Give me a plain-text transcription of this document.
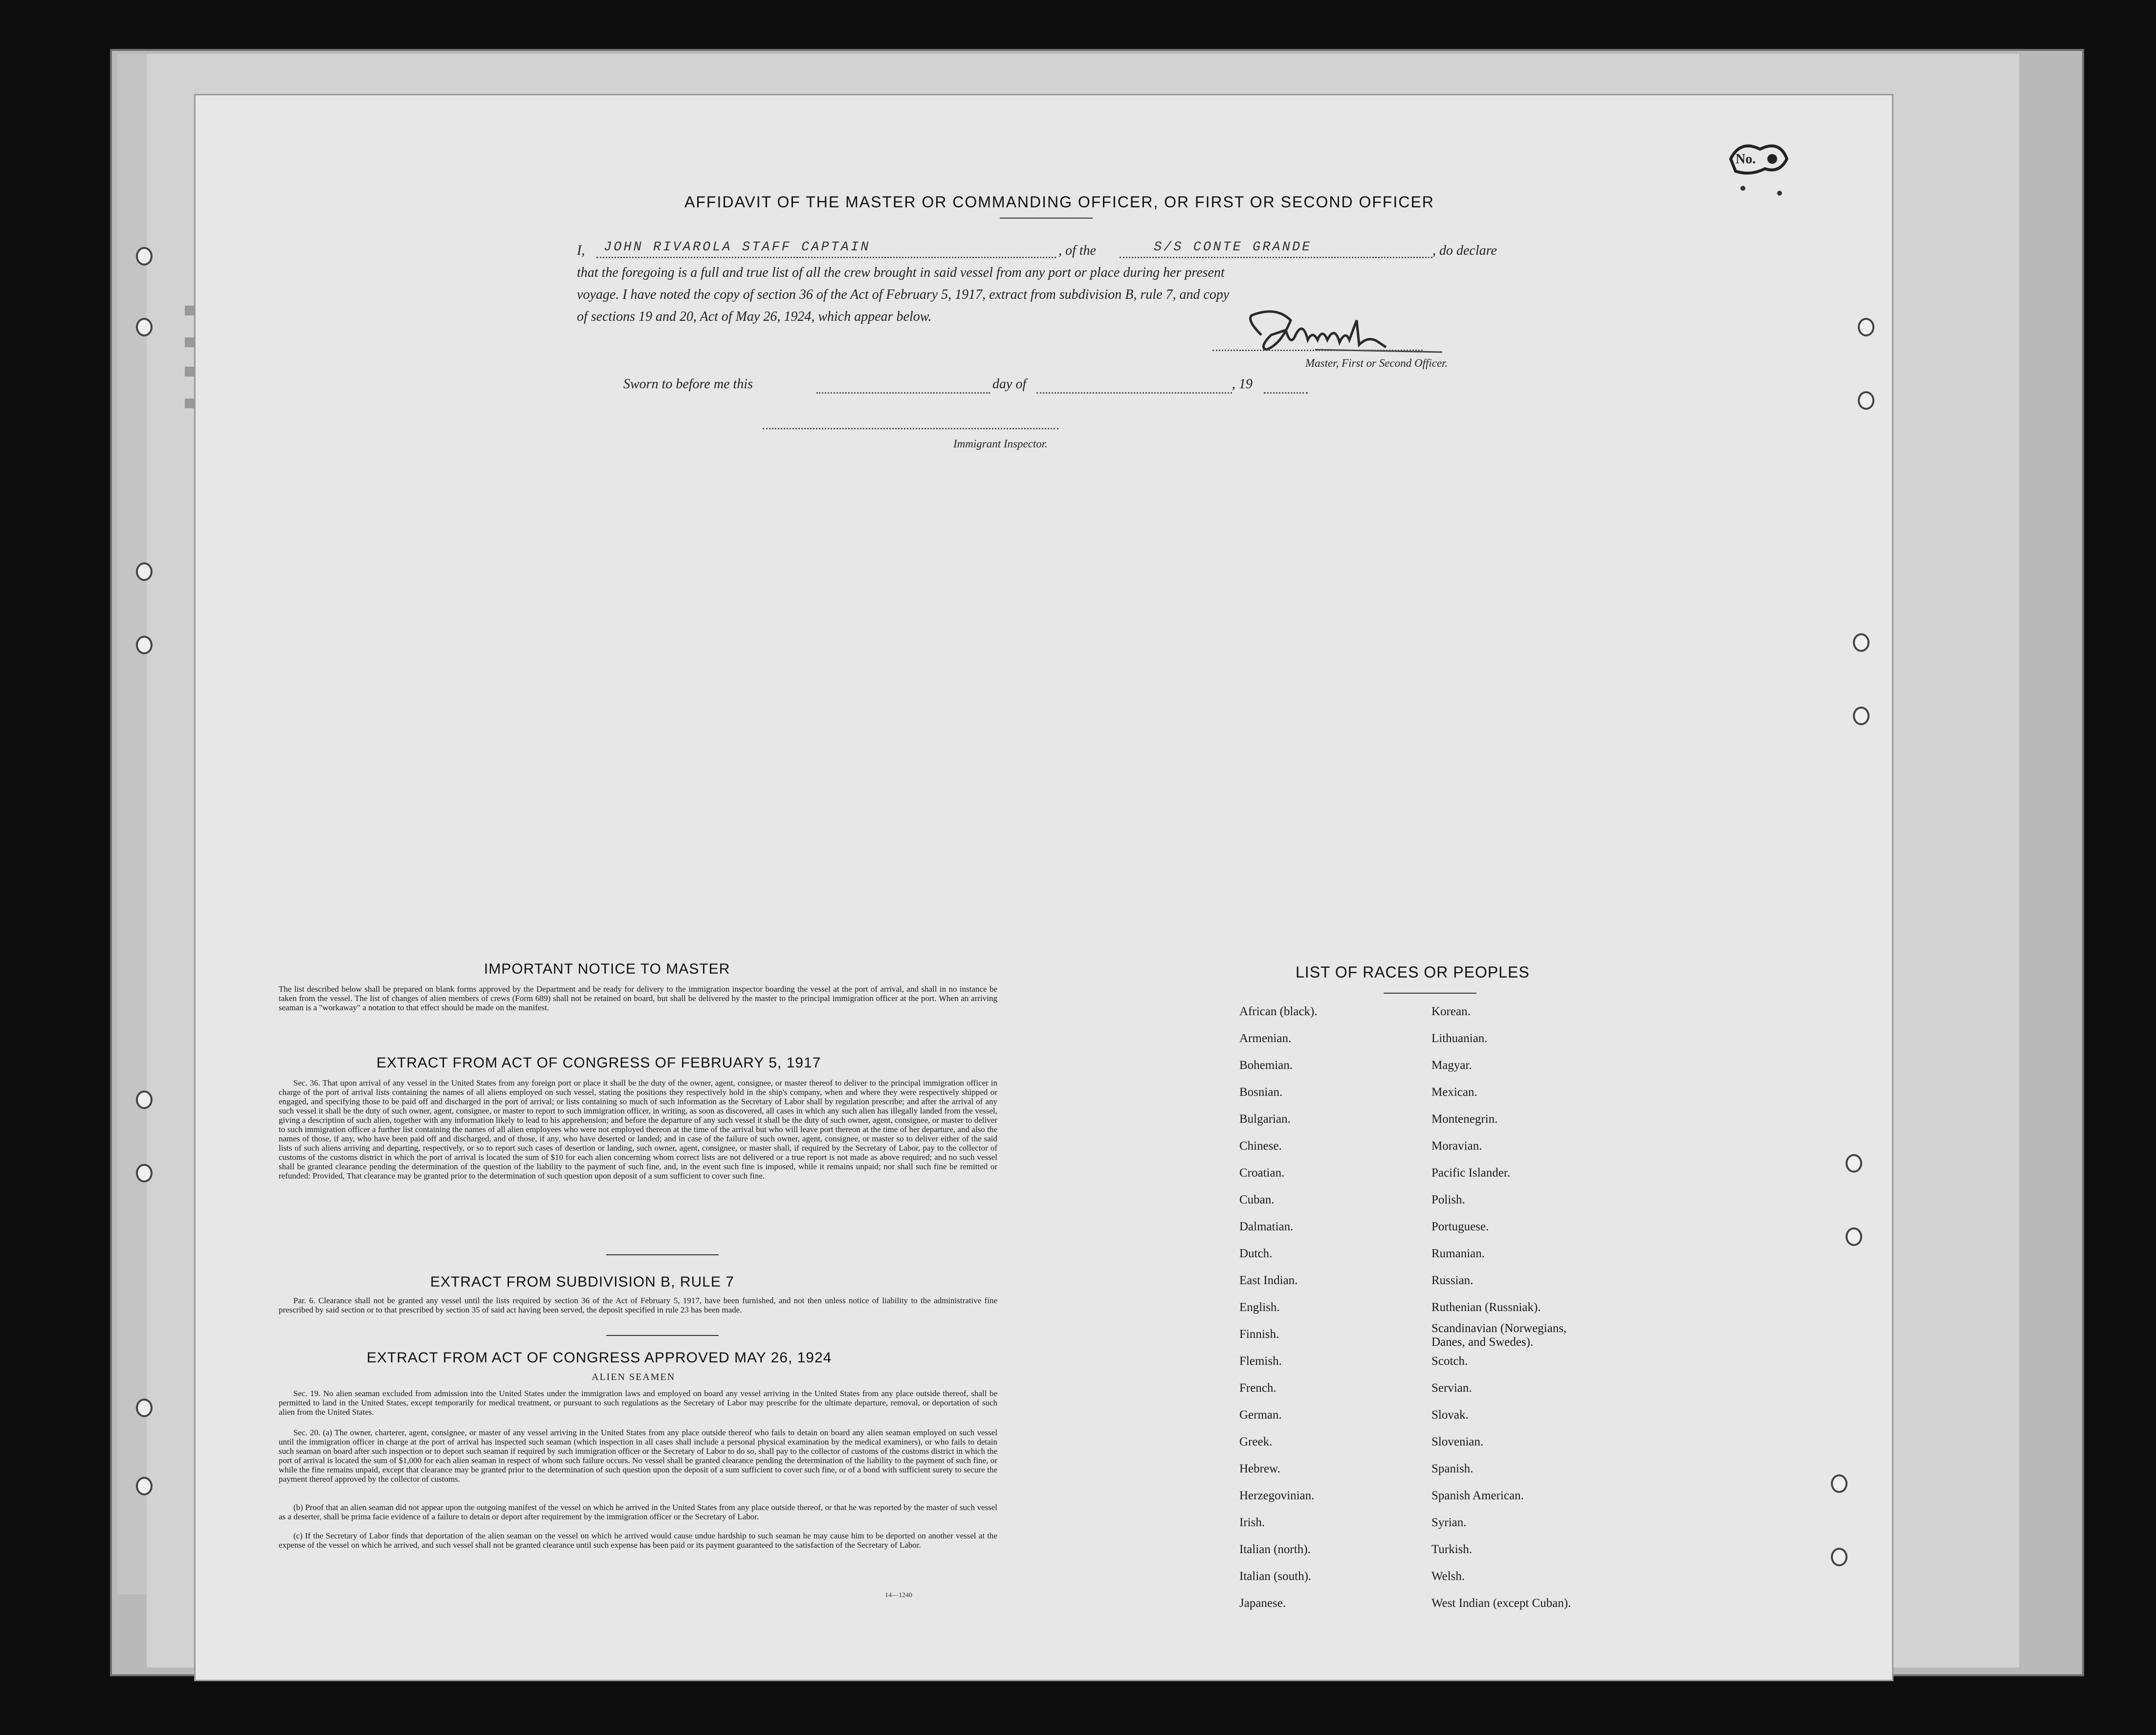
No.
AFFIDAVIT OF THE MASTER OR COMMANDING OFFICER, OR FIRST OR SECOND OFFICER
I, JOHN RIVAROLA STAFF CAPTAIN	, of the	S/S CONTE GRANDE	, do declare
that the foregoing is a full and true list of all the crew brought in said vessel from any port or place during her present
voyage. I have noted the copy of section 36 of the Act of February 5, 1917, extract from subdivision B, rule 7, and copy
of sections 19 and 20, Act of May 26, 1924, which appear below.
Master, First or Second Officer.
Sworn to before me this	day of	, 19
Immigrant Inspector.
IMPORTANT NOTICE TO MASTER
The list described below shall be prepared on blank forms approved by the Department and be ready for delivery to the immigration inspector boarding the vessel at the port of arrival, and shall in no instance be taken from the vessel. The list of changes of alien members of crews (Form 689) shall not be retained on board, but shall be delivered by the master to the principal immigration officer at the port. When an arriving seaman is a "workaway" a notation to that effect should be made on the manifest.
EXTRACT FROM ACT OF CONGRESS OF FEBRUARY 5, 1917
Sec. 36. That upon arrival of any vessel in the United States from any foreign port or place it shall be the duty of the owner, agent, consignee, or master thereof to deliver to the principal immigration officer in charge of the port of arrival lists containing the names of all aliens employed on such vessel, stating the positions they respectively hold in the ship's company, when and where they were respectively shipped or engaged, and specifying those to be paid off and discharged in the port of arrival; or lists containing so much of such information as the Secretary of Labor shall by regulation prescribe; and after the arrival of any such vessel it shall be the duty of such owner, agent, consignee, or master to report to such immigration officer, in writing, as soon as discovered, all cases in which any such alien has illegally landed from the vessel, giving a description of such alien, together with any information likely to lead to his apprehension; and before the departure of any such vessel it shall be the duty of such owner, agent, consignee, or master to deliver to such immigration officer a further list containing the names of all alien employees who were not employed thereon at the time of the arrival but who will leave port thereon at the time of her departure, and also the names of those, if any, who have been paid off and discharged, and of those, if any, who have deserted or landed; and in case of the failure of such owner, agent, consignee, or master so to deliver either of the said lists of such aliens arriving and departing, respectively, or so to report such cases of desertion or landing, such owner, agent, consignee, or master shall, if required by the Secretary of Labor, pay to the collector of customs of the customs district in which the port of arrival is located the sum of $10 for each alien concerning whom correct lists are not delivered or a true report is not made as above required; and no such vessel shall be granted clearance pending the determination of the question of the liability to the payment of such fine, and, in the event such fine is imposed, while it remains unpaid; nor shall such fine be remitted or refunded: Provided, That clearance may be granted prior to the determination of such question upon deposit of a sum sufficient to cover such fine.
EXTRACT FROM SUBDIVISION B, RULE 7
Par. 6. Clearance shall not be granted any vessel until the lists required by section 36 of the Act of February 5, 1917, have been furnished, and not then unless notice of liability to the administrative fine prescribed by said section or to that prescribed by section 35 of said act having been served, the deposit specified in rule 23 has been made.
EXTRACT FROM ACT OF CONGRESS APPROVED MAY 26, 1924
ALIEN SEAMEN
Sec. 19. No alien seaman excluded from admission into the United States under the immigration laws and employed on board any vessel arriving in the United States from any place outside thereof, shall be permitted to land in the United States, except temporarily for medical treatment, or pursuant to such regulations as the Secretary of Labor may prescribe for the ultimate departure, removal, or deportation of such alien from the United States.
Sec. 20. (a) The owner, charterer, agent, consignee, or master of any vessel arriving in the United States from any place outside thereof who fails to detain on board any alien seaman employed on such vessel until the immigration officer in charge at the port of arrival has inspected such seaman (which inspection in all cases shall include a personal physical examination by the medical examiners), or who fails to detain such seaman on board after such inspection or to deport such seaman if required by such immigration officer or the Secretary of Labor to do so, shall pay to the collector of customs of the customs district in which the port of arrival is located the sum of $1,000 for each alien seaman in respect of whom such failure occurs. No vessel shall be granted clearance pending the determination of the liability to the payment of such fine, or while the fine remains unpaid, except that clearance may be granted prior to the determination of such question upon the deposit of a sum sufficient to cover such fine, or of a bond with sufficient surety to secure the payment thereof approved by the collector of customs.
(b) Proof that an alien seaman did not appear upon the outgoing manifest of the vessel on which he arrived in the United States from any place outside thereof, or that he was reported by the master of such vessel as a deserter, shall be prima facie evidence of a failure to detain or deport after requirement by the immigration officer or the Secretary of Labor.
(c) If the Secretary of Labor finds that deportation of the alien seaman on the vessel on which he arrived would cause undue hardship to such seaman he may cause him to be deported on another vessel at the expense of the vessel on which he arrived, and such vessel shall not be granted clearance until such expense has been paid or its payment guaranteed to the satisfaction of the Secretary of Labor.
14—1240
LIST OF RACES OR PEOPLES
African (black).
Armenian.
Bohemian.
Bosnian.
Bulgarian.
Chinese.
Croatian.
Cuban.
Dalmatian.
Dutch.
East Indian.
English.
Finnish.
Flemish.
French.
German.
Greek.
Hebrew.
Herzegovinian.
Irish.
Italian (north).
Italian (south).
Japanese.
Korean.
Lithuanian.
Magyar.
Mexican.
Montenegrin.
Moravian.
Pacific Islander.
Polish.
Portuguese.
Rumanian.
Russian.
Ruthenian (Russniak).
Scandinavian (Norwegians, Danes, and Swedes).
Scotch.
Servian.
Slovak.
Slovenian.
Spanish.
Spanish American.
Syrian.
Turkish.
Welsh.
West Indian (except Cuban).
